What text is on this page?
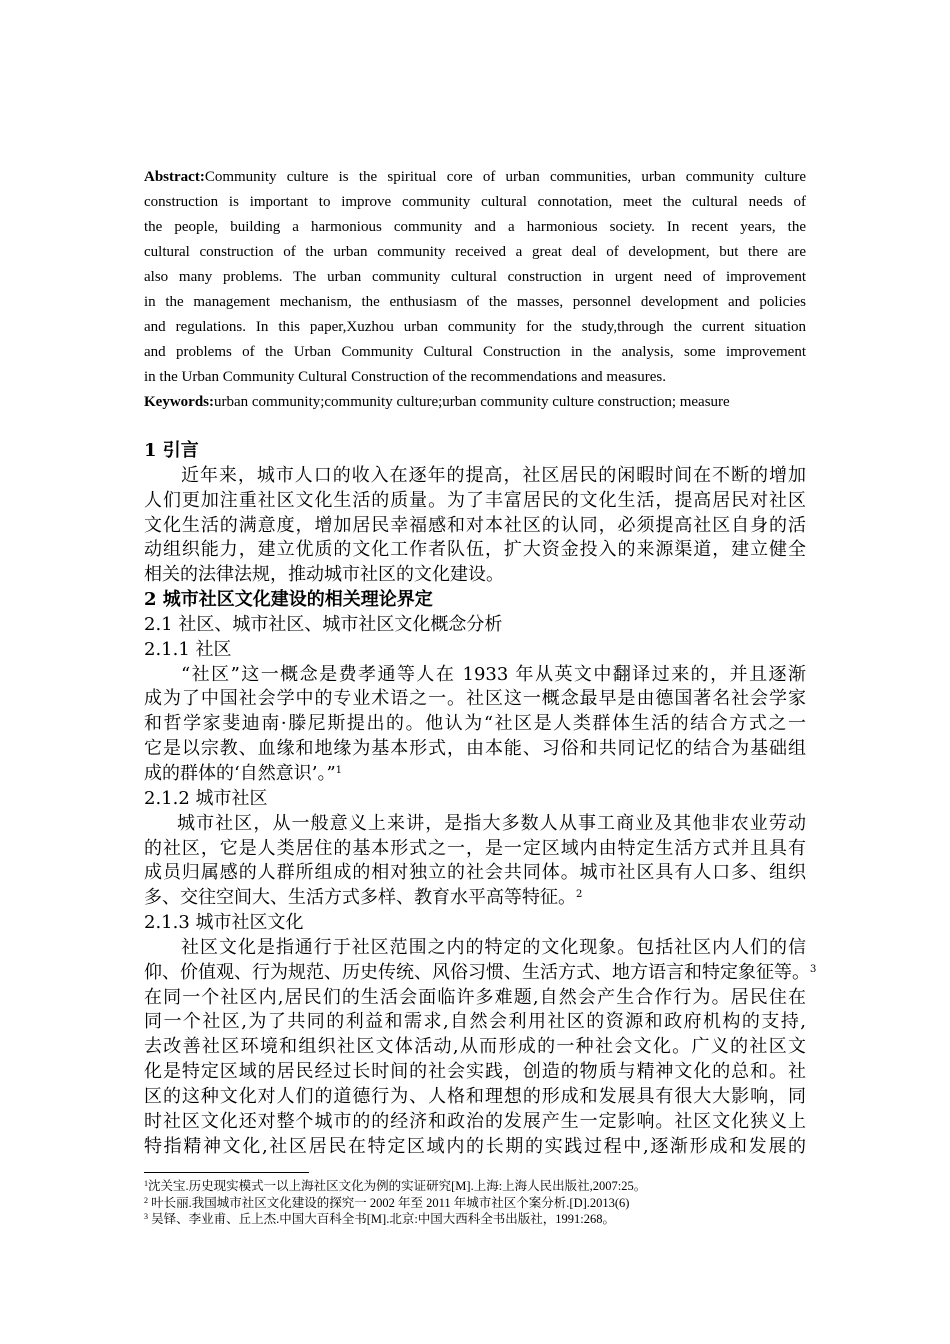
Abstract:Community culture is the spiritual core of urban communities, urban community culture
construction is important to improve community cultural connotation, meet the cultural needs of
the people, building a harmonious community and a harmonious society. In recent years, the
cultural construction of the urban community received a great deal of development, but there are
also many problems. The urban community cultural construction in urgent need of improvement
in the management mechanism, the enthusiasm of the masses, personnel development and policies
and regulations. In this paper,Xuzhou urban community for the study,through the current situation
and problems of the Urban Community Cultural Construction in the analysis, some improvement
in the Urban Community Cultural Construction of the recommendations and measures.
Keywords:urban community;community culture;urban community culture construction; measure
1 引言
近年来，城市人口的收入在逐年的提高，社区居民的闲暇时间在不断的增加
人们更加注重社区文化生活的质量。为了丰富居民的文化生活，提高居民对社区
文化生活的满意度，增加居民幸福感和对本社区的认同，必须提高社区自身的活
动组织能力，建立优质的文化工作者队伍，扩大资金投入的来源渠道，建立健全
相关的法律法规，推动城市社区的文化建设。
2 城市社区文化建设的相关理论界定
2.1 社区、城市社区、城市社区文化概念分析
2.1.1 社区
“社区”这一概念是费孝通等人在 1933 年从英文中翻译过来的，并且逐渐
成为了中国社会学中的专业术语之一。社区这一概念最早是由德国著名社会学家
和哲学家斐迪南·滕尼斯提出的。他认为“社区是人类群体生活的结合方式之一
它是以宗教、血缘和地缘为基本形式，由本能、习俗和共同记忆的结合为基础组
成的群体的‘自然意识’。”$^1$
2.1.2 城市社区
城市社区，从一般意义上来讲，是指大多数人从事工商业及其他非农业劳动
的社区，它是人类居住的基本形式之一，是一定区域内由特定生活方式并且具有
成员归属感的人群所组成的相对独立的社会共同体。城市社区具有人口多、组织
多、交往空间大、生活方式多样、教育水平高等特征。$^2$
2.1.3 城市社区文化
社区文化是指通行于社区范围之内的特定的文化现象。包括社区内人们的信
仰、价值观、行为规范、历史传统、风俗习惯、生活方式、地方语言和特定象征等。$^3$
在同一个社区内,居民们的生活会面临许多难题,自然会产生合作行为。居民住在
同一个社区,为了共同的利益和需求,自然会利用社区的资源和政府机构的支持,
去改善社区环境和组织社区文体活动,从而形成的一种社会文化。广义的社区文
化是特定区域的居民经过长时间的社会实践，创造的物质与精神文化的总和。社
区的这种文化对人们的道德行为、人格和理想的形成和发展具有很大大影响，同
时社区文化还对整个城市的的经济和政治的发展产生一定影响。社区文化狭义上
特指精神文化,社区居民在特定区域内的长期的实践过程中,逐渐形成和发展的
$^1$沈关宝.历史现实模式一以上海社区文化为例的实证研究[M].上海:上海人民出版社,2007:25。
$^2$ 叶长丽.我国城市社区文化建设的探究一 2002 年至 2011 年城市社区个案分析.[D].2013(6)
$^3$ 吴铎、李业甫、丘上杰.中国大百科全书[M].北京:中国大西科全书出版社，1991:268。
